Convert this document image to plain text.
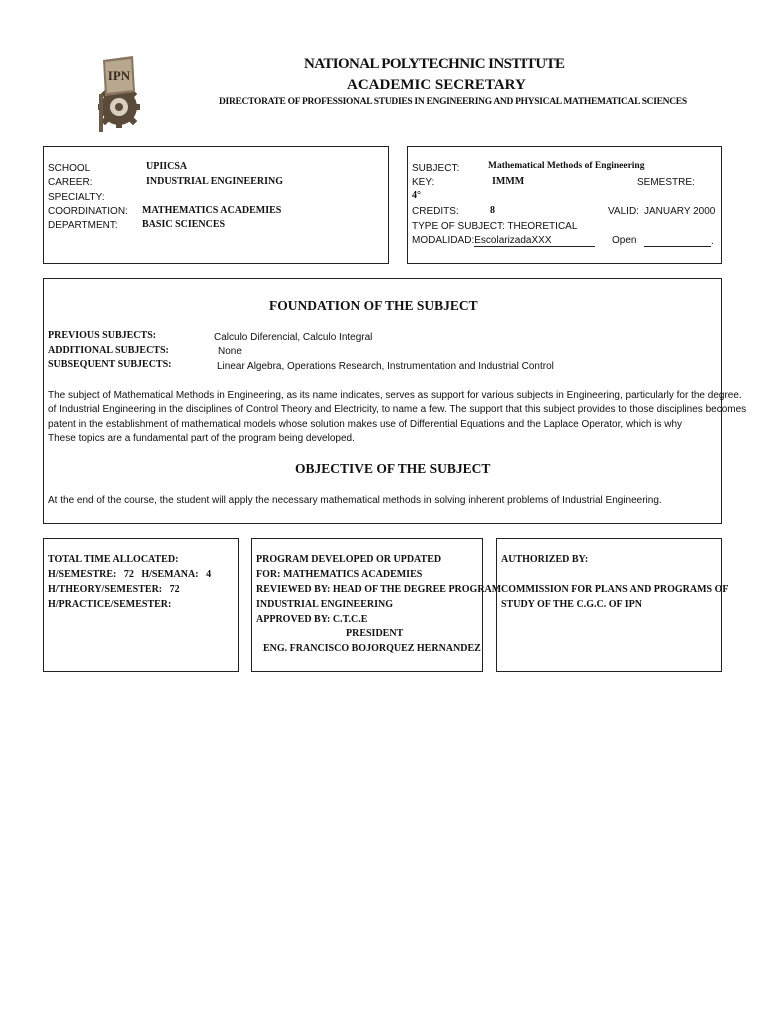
IPN
NATIONAL POLYTECHNIC INSTITUTE
ACADEMIC SECRETARY
DIRECTORATE OF PROFESSIONAL STUDIES IN ENGINEERING AND PHYSICAL MATHEMATICAL SCIENCES
SCHOOL	UPIICSA
CAREER:	INDUSTRIAL ENGINEERING
SPECIALTY:
COORDINATION: MATHEMATICS ACADEMIES
DEPARTMENT: BASIC SCIENCES
SUBJECT:	Mathematical Methods of Engineering
KEY:	IMMM	SEMESTRE:
4°
CREDITS:	8	VALID: JANUARY 2000
TYPE OF SUBJECT: THEORETICAL
MODALIDAD:EscolarizadaXXX	Open	.
FOUNDATION OF THE SUBJECT
PREVIOUS SUBJECTS:	Calculo Diferencial, Calculo Integral
ADDITIONAL SUBJECTS:	None
SUBSEQUENT SUBJECTS:	Linear Algebra, Operations Research, Instrumentation and Industrial Control
The subject of Mathematical Methods in Engineering, as its name indicates, serves as support for various subjects in Engineering, particularly for the degree.
of Industrial Engineering in the disciplines of Control Theory and Electricity, to name a few. The support that this subject provides to those disciplines becomes
patent in the establishment of mathematical models whose solution makes use of Differential Equations and the Laplace Operator, which is why
These topics are a fundamental part of the program being developed.
OBJECTIVE OF THE SUBJECT
At the end of the course, the student will apply the necessary mathematical methods in solving inherent problems of Industrial Engineering.
TOTAL TIME ALLOCATED:
H/SEMESTRE:   72   H/SEMANA:   4
H/THEORY/SEMESTER:   72
H/PRACTICE/SEMESTER:
PROGRAM DEVELOPED OR UPDATED
FOR: MATHEMATICS ACADEMIES
REVIEWED BY: HEAD OF THE DEGREE PROGRAM
INDUSTRIAL ENGINEERING
APPROVED BY: C.T.C.E
PRESIDENT
ENG. FRANCISCO BOJORQUEZ HERNANDEZ
AUTHORIZED BY:
COMMISSION FOR PLANS AND PROGRAMS OF
STUDY OF THE C.G.C. OF IPN
